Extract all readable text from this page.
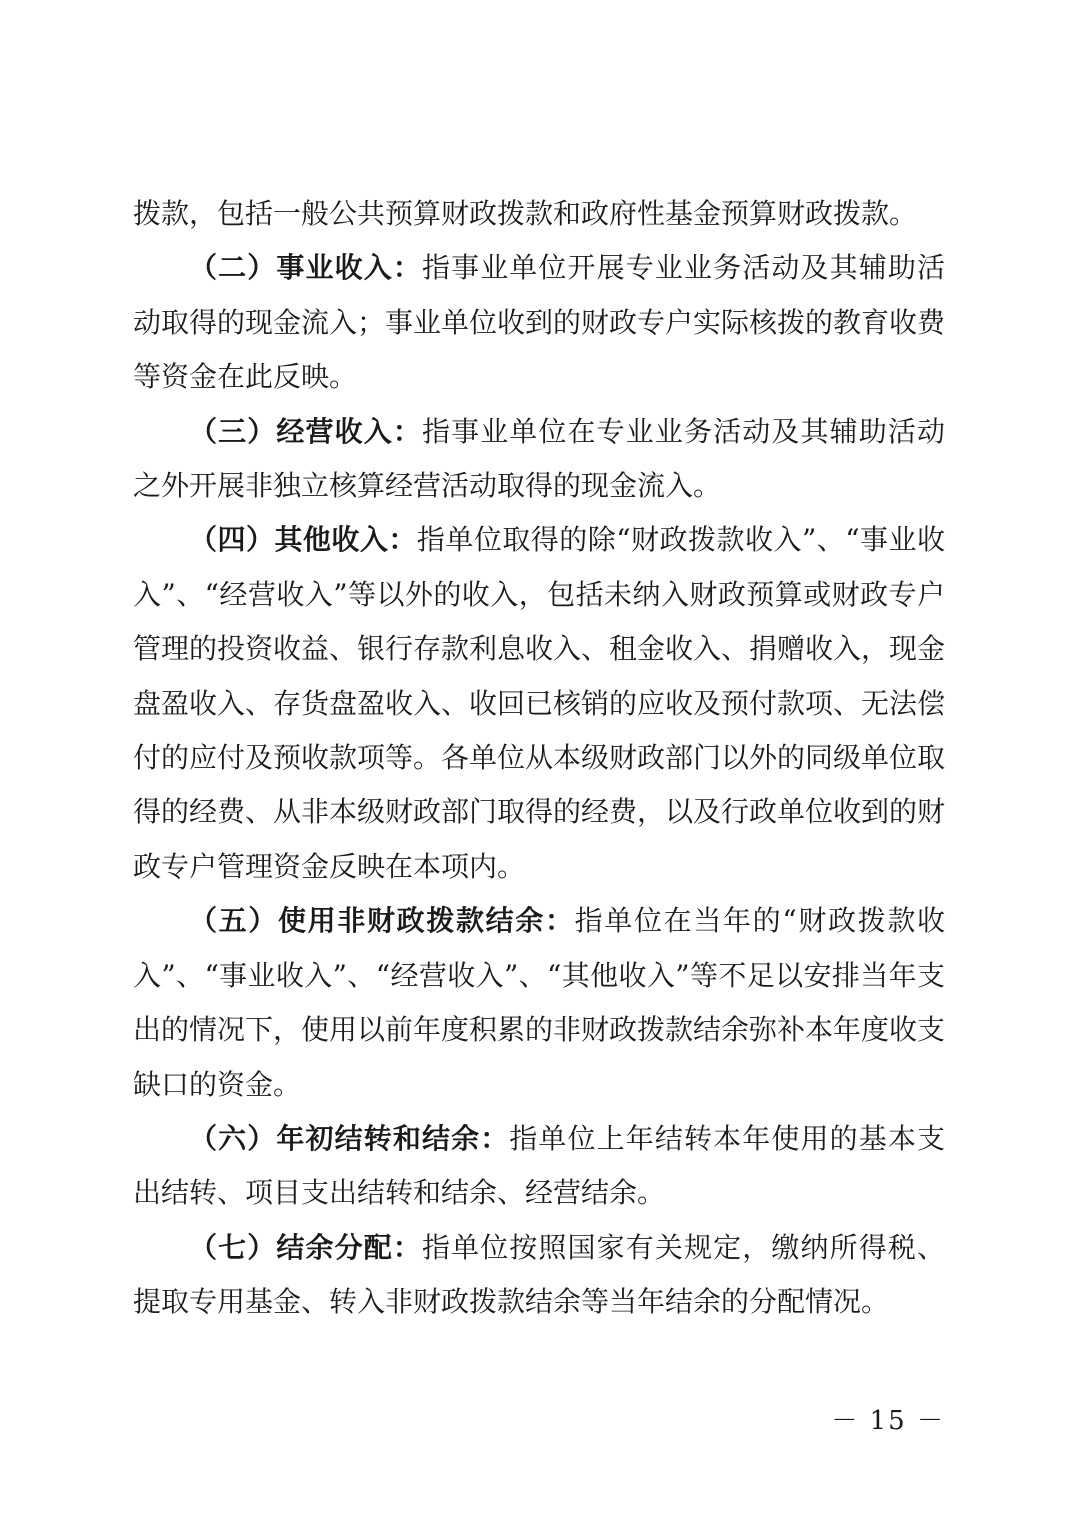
拨款，包括一般公共预算财政拨款和政府性基金预算财政拨款。

（二）事业收入：指事业单位开展专业业务活动及其辅助活动取得的现金流入；事业单位收到的财政专户实际核拨的教育收费等资金在此反映。

（三）经营收入：指事业单位在专业业务活动及其辅助活动之外开展非独立核算经营活动取得的现金流入。

（四）其他收入：指单位取得的除“财政拨款收入”、“事业收入”、“经营收入”等以外的收入，包括未纳入财政预算或财政专户管理的投资收益、银行存款利息收入、租金收入、捐赠收入，现金盘盈收入、存货盘盈收入、收回已核销的应收及预付款项、无法偿付的应付及预收款项等。各单位从本级财政部门以外的同级单位取得的经费、从非本级财政部门取得的经费，以及行政单位收到的财政专户管理资金反映在本项内。

（五）使用非财政拨款结余：指单位在当年的“财政拨款收入”、“事业收入”、“经营收入”、“其他收入”等不足以安排当年支出的情况下，使用以前年度积累的非财政拨款结余弥补本年度收支缺口的资金。

（六）年初结转和结余：指单位上年结转本年使用的基本支出结转、项目支出结转和结余、经营结余。

（七）结余分配：指单位按照国家有关规定，缴纳所得税、提取专用基金、转入非财政拨款结余等当年结余的分配情况。

－ 15 －
